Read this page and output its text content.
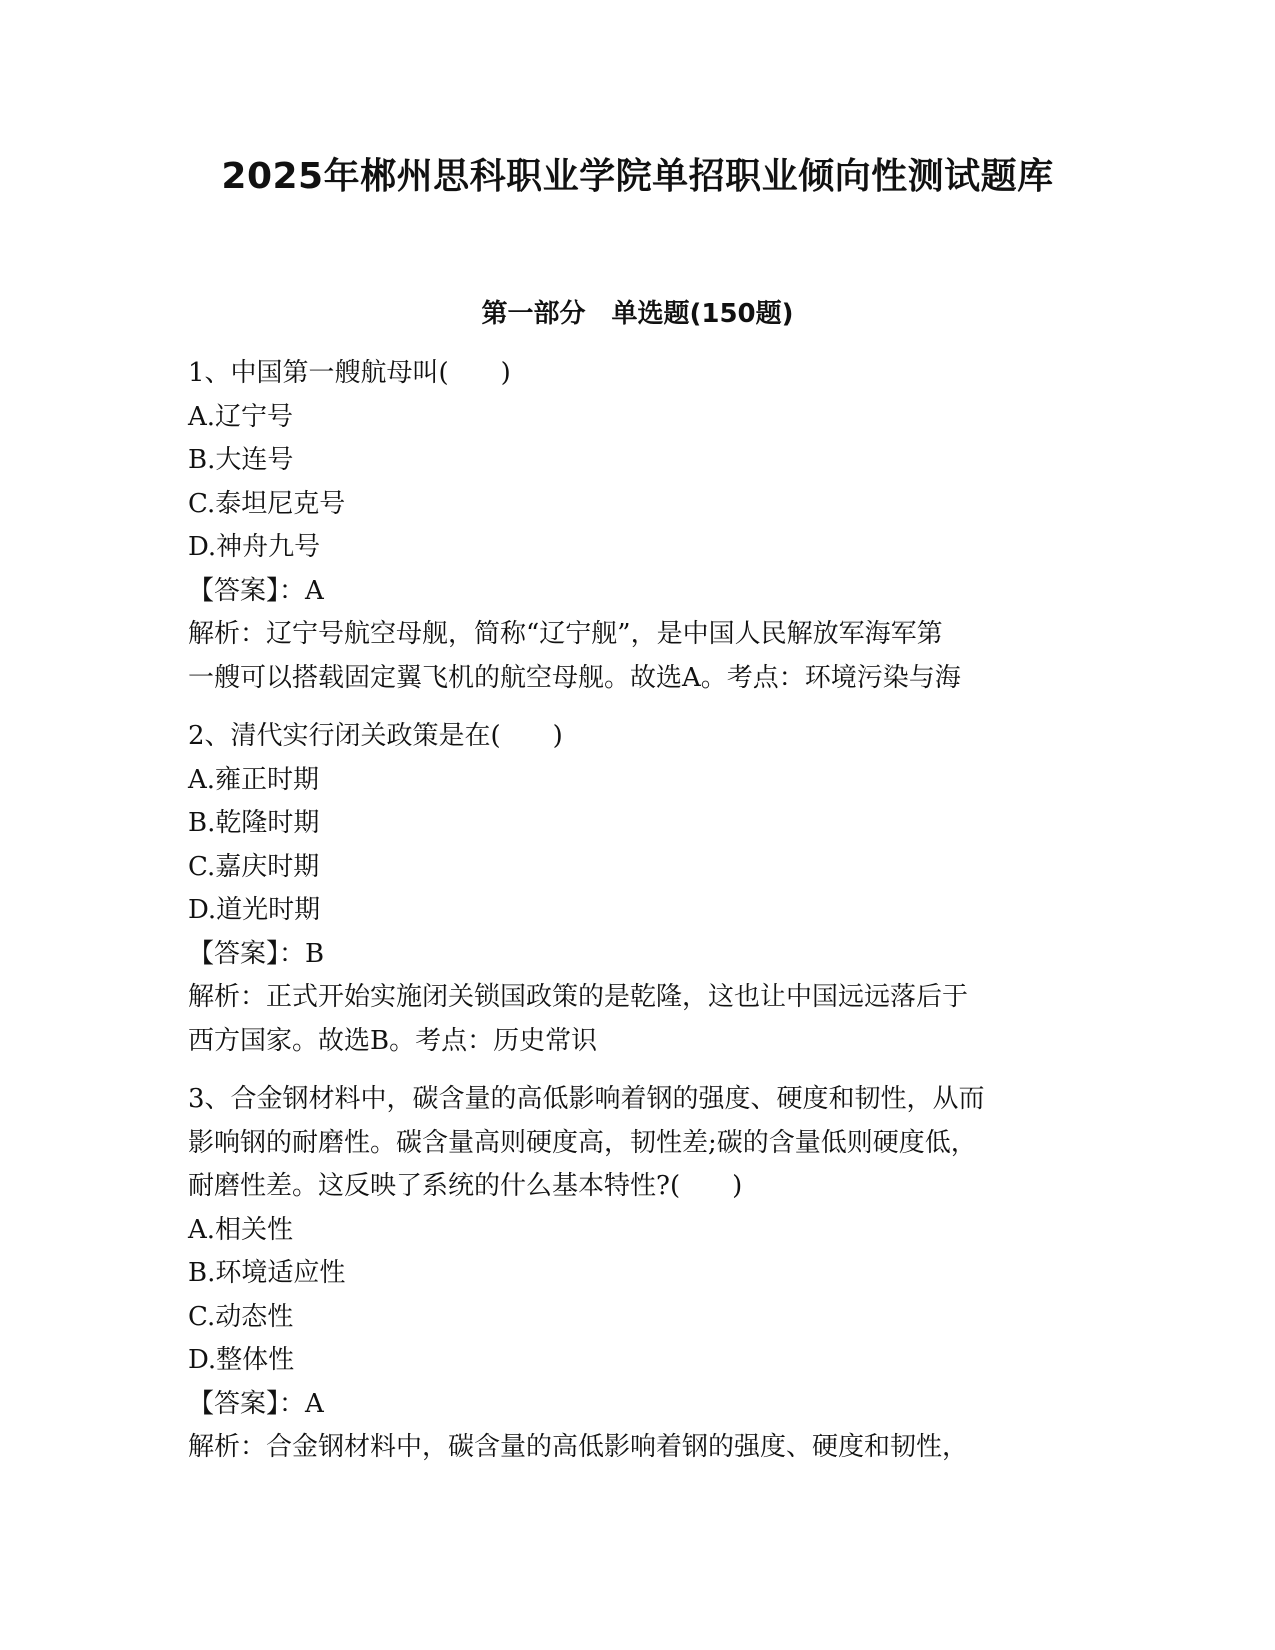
2025年郴州思科职业学院单招职业倾向性测试题库
第一部分　单选题(150题)
1、中国第一艘航母叫(　　)
A.辽宁号
B.大连号
C.泰坦尼克号
D.神舟九号
【答案】：A
解析：辽宁号航空母舰，简称“辽宁舰”，是中国人民解放军海军第
一艘可以搭载固定翼飞机的航空母舰。故选A。考点：环境污染与海
2、清代实行闭关政策是在(　　)
A.雍正时期
B.乾隆时期
C.嘉庆时期
D.道光时期
【答案】：B
解析：正式开始实施闭关锁国政策的是乾隆，这也让中国远远落后于
西方国家。故选B。考点：历史常识
3、合金钢材料中，碳含量的高低影响着钢的强度、硬度和韧性，从而
影响钢的耐磨性。碳含量高则硬度高，韧性差;碳的含量低则硬度低，
耐磨性差。这反映了系统的什么基本特性?(　　)
A.相关性
B.环境适应性
C.动态性
D.整体性
【答案】：A
解析：合金钢材料中，碳含量的高低影响着钢的强度、硬度和韧性，
